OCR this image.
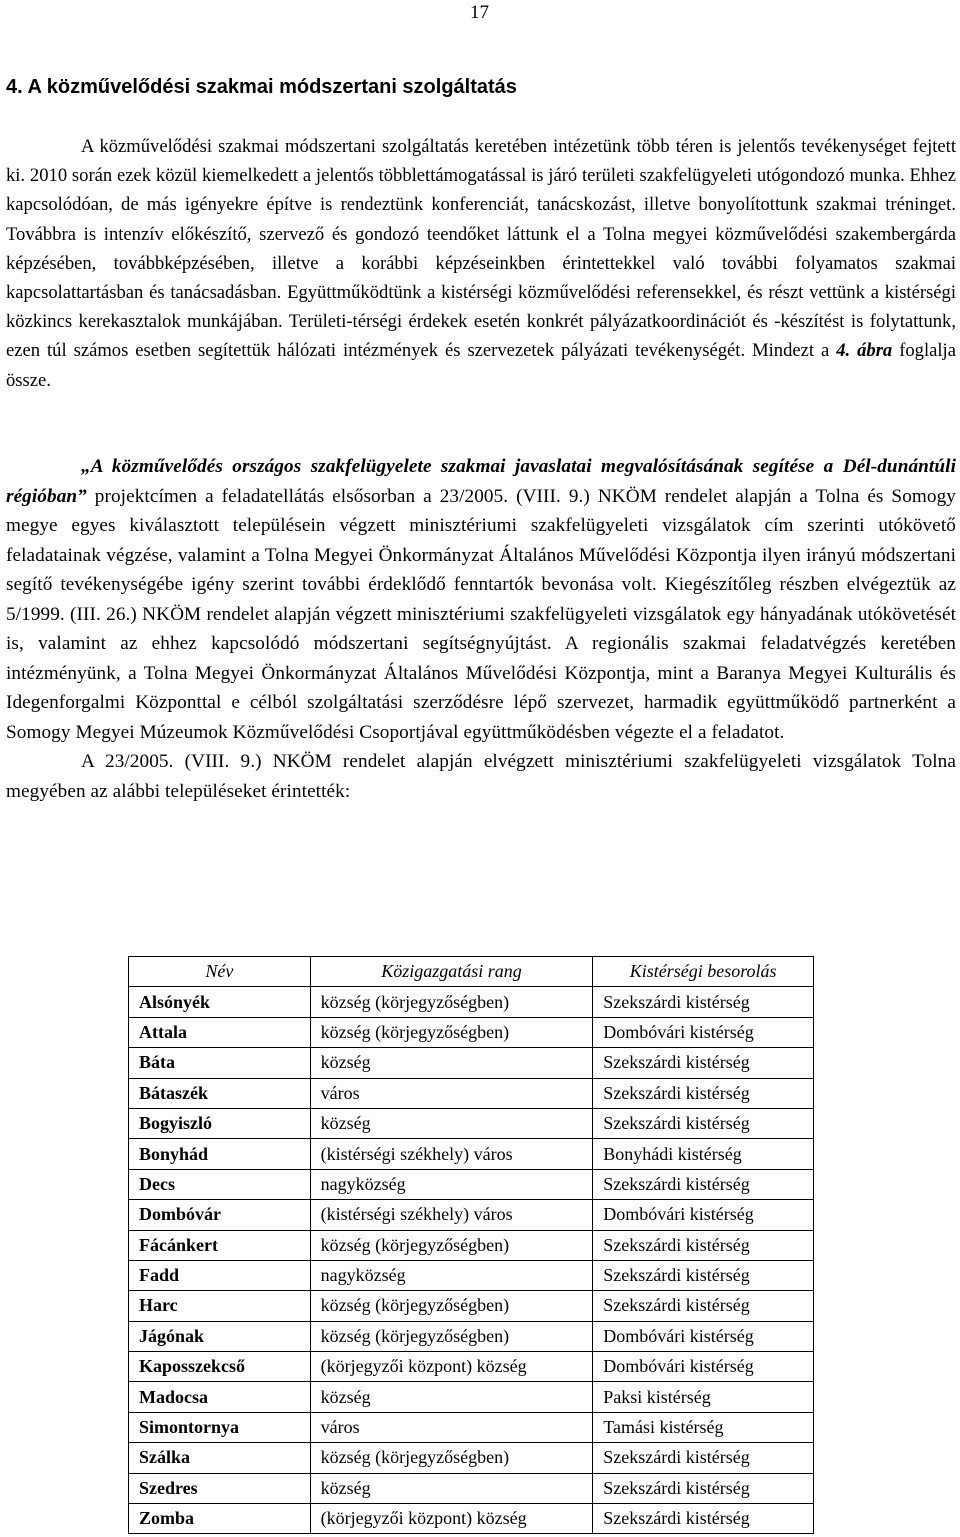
17
4. A közművelődési szakmai módszertani szolgáltatás

A közművelődési szakmai módszertani szolgáltatás keretében intézetünk több téren is jelentős tevékenységet fejtett ki. 2010 során ezek közül kiemelkedett a jelentős többlettámogatással is járó területi szakfelügyeleti utógondozó munka. Ehhez kapcsolódóan, de más igényekre építve is rendeztünk konferenciát, tanácskozást, illetve bonyolítottunk szakmai tréninget. Továbbra is intenzív előkészítő, szervező és gondozó teendőket láttunk el a Tolna megyei közművelődési szakembergárda képzésében, továbbképzésében, illetve a korábbi képzéseinkben érintettekkel való további folyamatos szakmai kapcsolattartásban és tanácsadásban. Együttműködtünk a kistérségi közművelődési referensekkel, és részt vettünk a kistérségi közkincs kerekasztalok munkájában. Területi-térségi érdekek esetén konkrét pályázatkoordinációt és -készítést is folytattunk, ezen túl számos esetben segítettük hálózati intézmények és szervezetek pályázati tevékenységét. Mindezt a 4. ábra foglalja össze.

„A közművelődés országos szakfelügyelete szakmai javaslatai megvalósításának segítése a Dél-dunántúli régióban” projektcímen a feladatellátás elsősorban a 23/2005. (VIII. 9.) NKÖM rendelet alapján a Tolna és Somogy megye egyes kiválasztott településein végzett minisztériumi szakfelügyeleti vizsgálatok cím szerinti utókövető feladatainak végzése, valamint a Tolna Megyei Önkormányzat Általános Művelődési Központja ilyen irányú módszertani segítő tevékenységébe igény szerint további érdeklődő fenntartók bevonása volt. Kiegészítőleg részben elvégeztük az 5/1999. (III. 26.) NKÖM rendelet alapján végzett minisztériumi szakfelügyeleti vizsgálatok egy hányadának utókövetését is, valamint az ehhez kapcsolódó módszertani segítségnyújtást. A regionális szakmai feladatvégzés keretében intézményünk, a Tolna Megyei Önkormányzat Általános Művelődési Központja, mint a Baranya Megyei Kulturális és Idegenforgalmi Központtal e célból szolgáltatási szerződésre lépő szervezet, harmadik együttműködő partnerként a Somogy Megyei Múzeumok Közművelődési Csoportjával együttműködésben végezte el a feladatot.

A 23/2005. (VIII. 9.) NKÖM rendelet alapján elvégzett minisztériumi szakfelügyeleti vizsgálatok Tolna megyében az alábbi településeket érintették:

Név	Közigazgatási rang	Kistérségi besorolás
Alsónyék	község (körjegyzőségben)	Szekszárdi kistérség
Attala	község (körjegyzőségben)	Dombóvári kistérség
Báta	község	Szekszárdi kistérség
Bátaszék	város	Szekszárdi kistérség
Bogyiszló	község	Szekszárdi kistérség
Bonyhád	(kistérségi székhely) város	Bonyhádi kistérség
Decs	nagyközség	Szekszárdi kistérség
Dombóvár	(kistérségi székhely) város	Dombóvári kistérség
Fácánkert	község (körjegyzőségben)	Szekszárdi kistérség
Fadd	nagyközség	Szekszárdi kistérség
Harc	község (körjegyzőségben)	Szekszárdi kistérség
Jágónak	község (körjegyzőségben)	Dombóvári kistérség
Kaposszekcső	(körjegyzői központ) község	Dombóvári kistérség
Madocsa	község	Paksi kistérség
Simontornya	város	Tamási kistérség
Szálka	község (körjegyzőségben)	Szekszárdi kistérség
Szedres	község	Szekszárdi kistérség
Zomba	(körjegyzői központ) község	Szekszárdi kistérség
